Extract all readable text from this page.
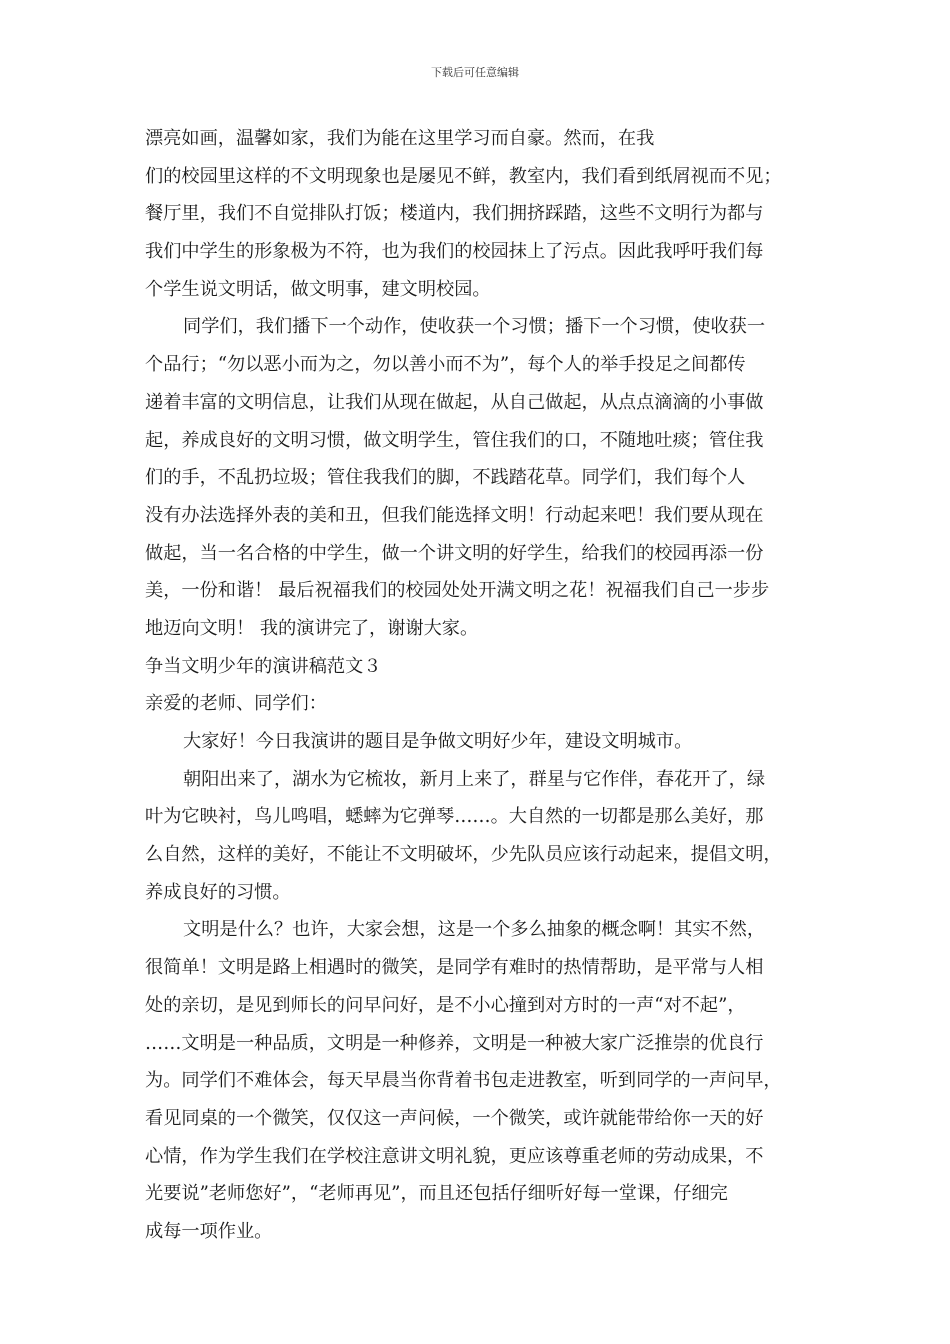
下载后可任意编辑
漂亮如画，温馨如家，我们为能在这里学习而自豪。然而，在我
们的校园里这样的不文明现象也是屡见不鲜，教室内，我们看到纸屑视而不见；
餐厅里，我们不自觉排队打饭；楼道内，我们拥挤踩踏，这些不文明行为都与
我们中学生的形象极为不符，也为我们的校园抹上了污点。因此我呼吁我们每
个学生说文明话，做文明事，建文明校园。
同学们，我们播下一个动作，使收获一个习惯；播下一个习惯，使收获一
个品行；“勿以恶小而为之，勿以善小而不为”，每个人的举手投足之间都传
递着丰富的文明信息，让我们从现在做起，从自己做起，从点点滴滴的小事做
起，养成良好的文明习惯，做文明学生，管住我们的口，不随地吐痰；管住我
们的手，不乱扔垃圾；管住我我们的脚，不践踏花草。同学们，我们每个人
没有办法选择外表的美和丑，但我们能选择文明！行动起来吧！我们要从现在
做起，当一名合格的中学生，做一个讲文明的好学生，给我们的校园再添一份
美，一份和谐！ 最后祝福我们的校园处处开满文明之花！祝福我们自己一步步
地迈向文明！ 我的演讲完了，谢谢大家。
争当文明少年的演讲稿范文３
亲爱的老师、同学们：
大家好！今日我演讲的题目是争做文明好少年，建设文明城市。
朝阳出来了，湖水为它梳妆，新月上来了，群星与它作伴，春花开了，绿
叶为它映衬，鸟儿鸣唱，蟋蟀为它弹琴……。大自然的一切都是那么美好，那
么自然，这样的美好，不能让不文明破坏，少先队员应该行动起来，提倡文明，
养成良好的习惯。
文明是什么？也许，大家会想，这是一个多么抽象的概念啊！其实不然，
很简单！文明是路上相遇时的微笑，是同学有难时的热情帮助，是平常与人相
处的亲切，是见到师长的问早问好，是不小心撞到对方时的一声“对不起”，
……文明是一种品质，文明是一种修养，文明是一种被大家广泛推崇的优良行
为。同学们不难体会，每天早晨当你背着书包走进教室，听到同学的一声问早，
看见同桌的一个微笑，仅仅这一声问候，一个微笑，或许就能带给你一天的好
心情，作为学生我们在学校注意讲文明礼貌，更应该尊重老师的劳动成果，不
光要说”老师您好”，“老师再见”，而且还包括仔细听好每一堂课，仔细完
成每一项作业。
